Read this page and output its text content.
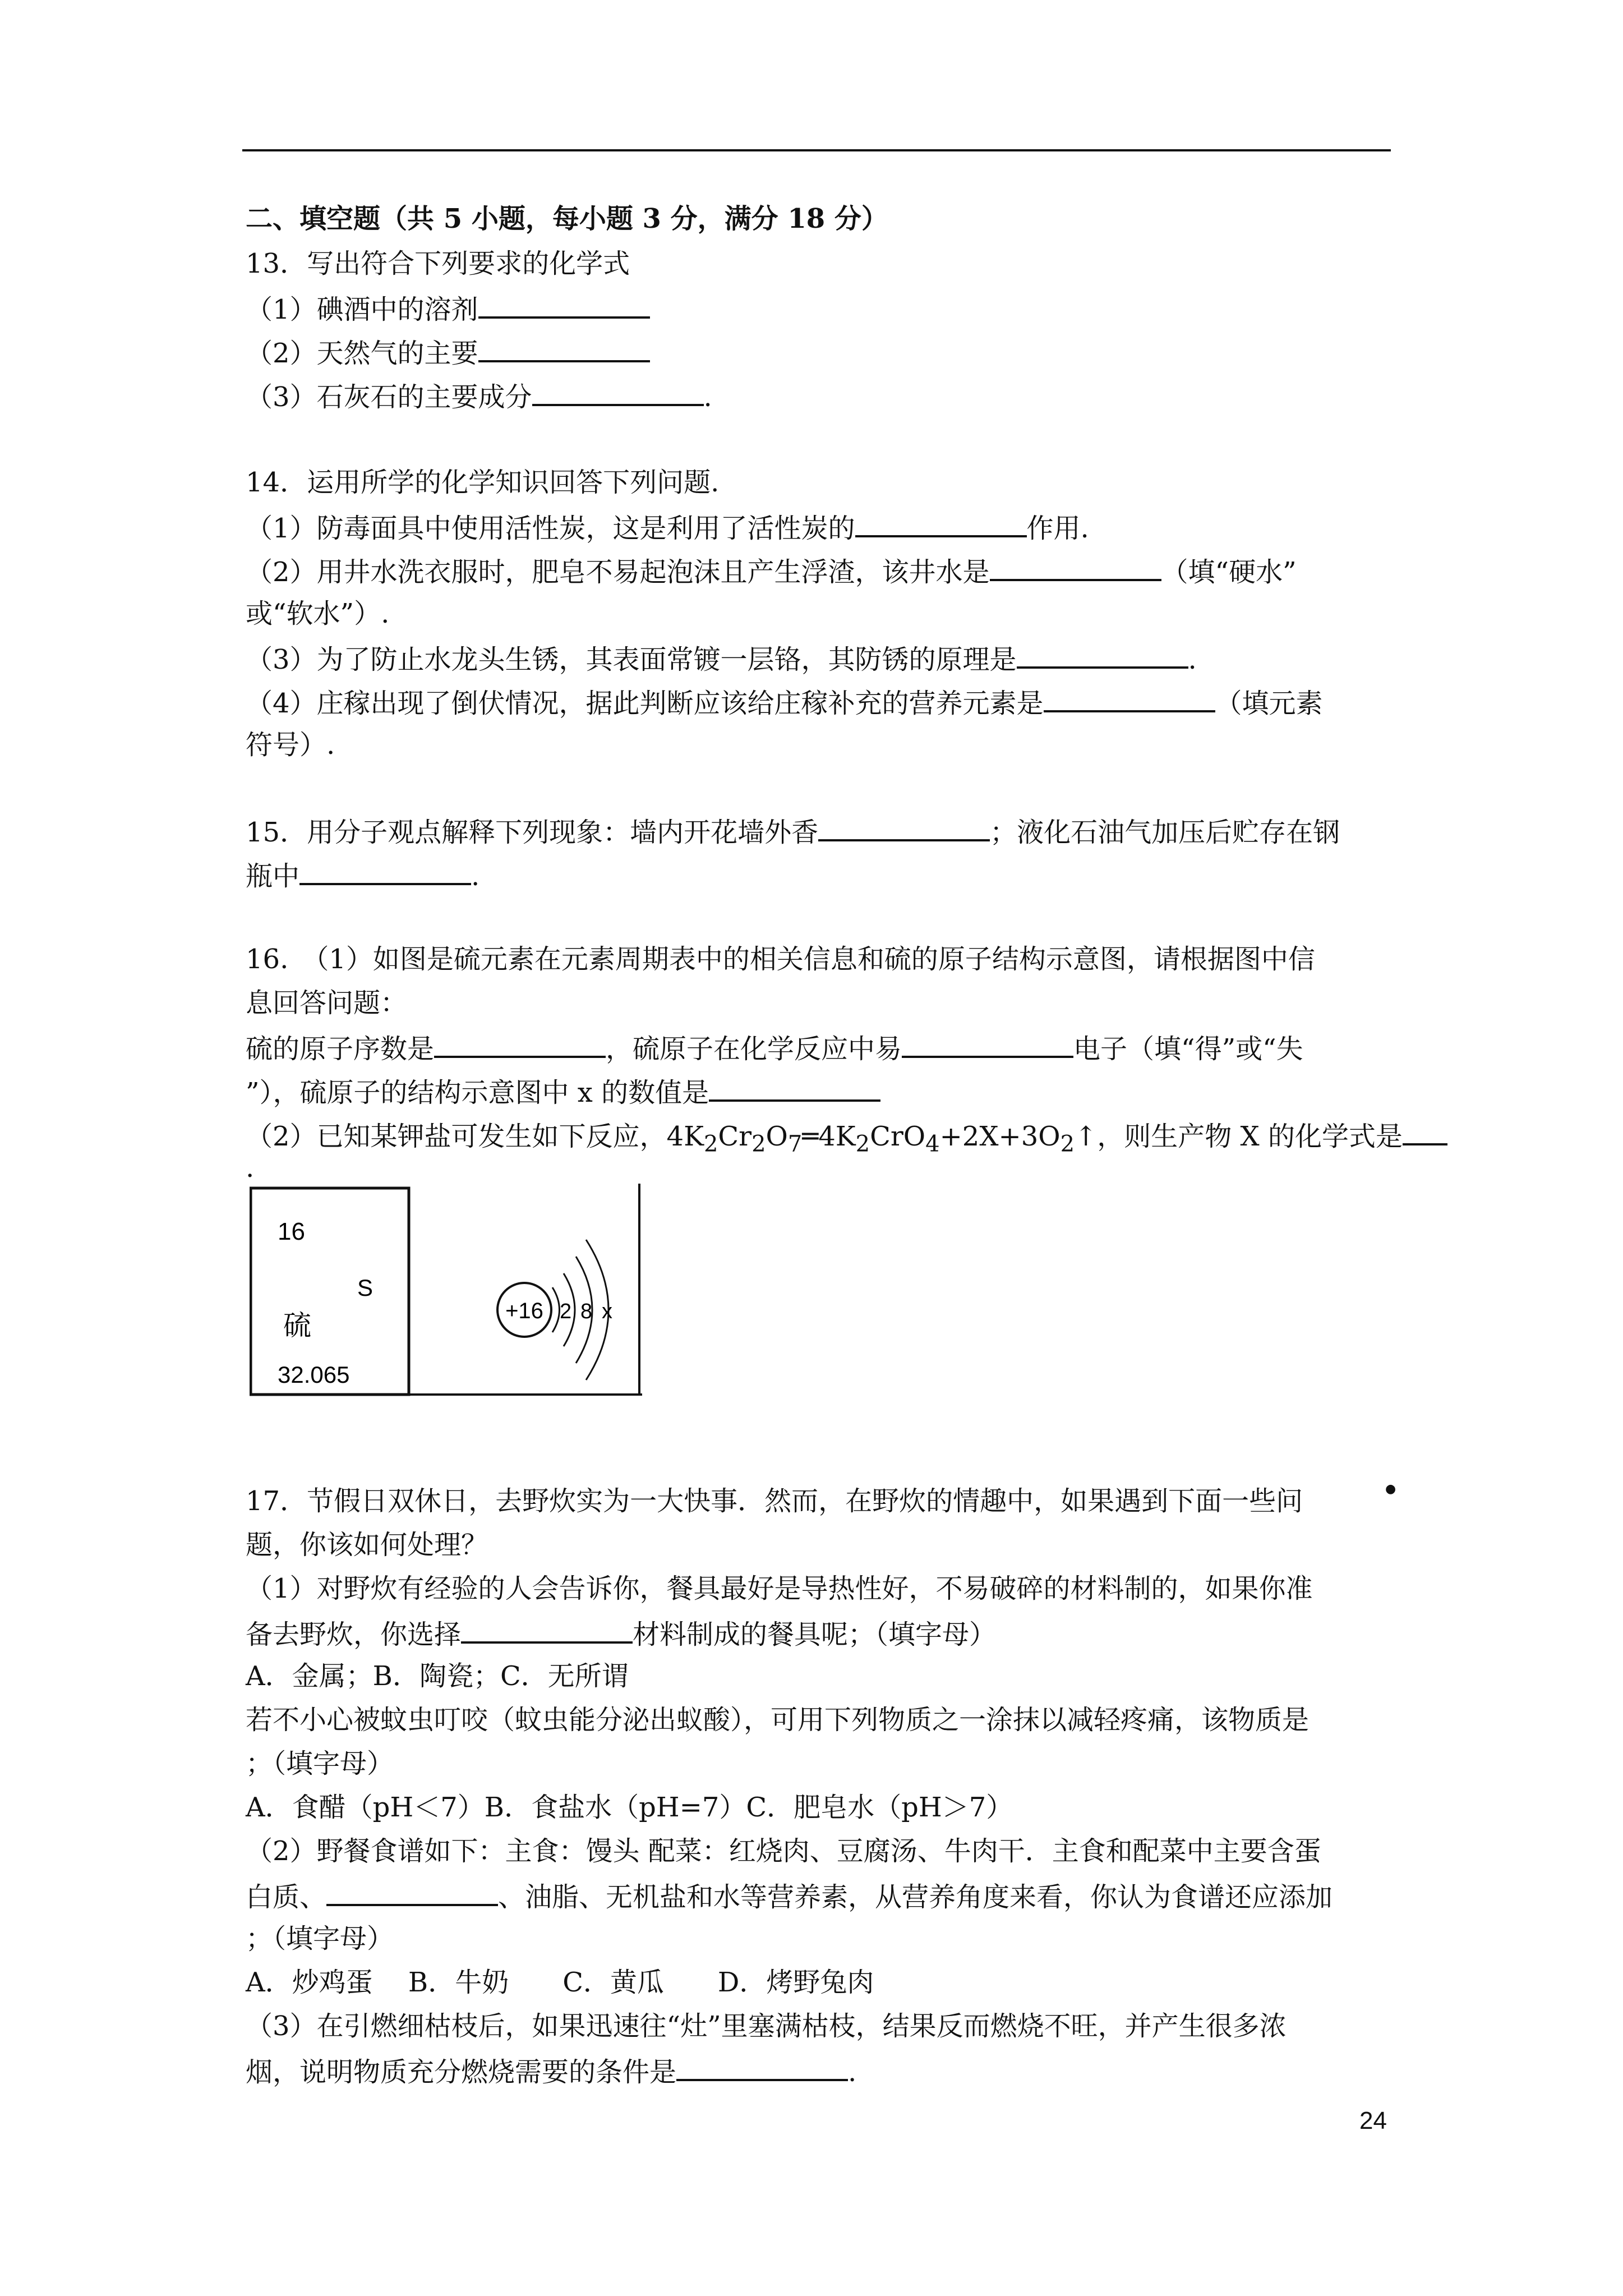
二、填空题（共 5 小题，每小题 3 分，满分 18 分）
13．写出符合下列要求的化学式
（1）碘酒中的溶剂
（2）天然气的主要
（3）石灰石的主要成分	.
14．运用所学的化学知识回答下列问题.
（1）防毒面具中使用活性炭，这是利用了活性炭的	作用.
（2）用井水洗衣服时，肥皂不易起泡沫且产生浮渣，该井水是	（填“硬水”
或“软水”）.
（3）为了防止水龙头生锈，其表面常镀一层铬，其防锈的原理是	.
（4）庄稼出现了倒伏情况，据此判断应该给庄稼补充的营养元素是	（填元素
符号）.
15．用分子观点解释下列现象：墙内开花墙外香	；液化石油气加压后贮存在钢
瓶中	.
16.　（1）如图是硫元素在元素周期表中的相关信息和硫的原子结构示意图，请根据图中信
息回答问题：
硫的原子序数是	，硫原子在化学反应中易	电子（填“得”或“失
”），硫原子的结构示意图中 x 的数值是
（2）已知某钾盐可发生如下反应，$4K_2Cr_2O_7═4K_2CrO_4+2X+3O_2↑$，则生产物 X 的化学式是
.
16
S
硫
32.065
+16 2 8 x
●
17．节假日双休日，去野炊实为一大快事．然而，在野炊的情趣中，如果遇到下面一些问
题，你该如何处理？
（1）对野炊有经验的人会告诉你，餐具最好是导热性好，不易破碎的材料制的，如果你准
备去野炊，你选择	材料制成的餐具呢；（填字母）
A．金属；B．陶瓷；C．无所谓
若不小心被蚊虫叮咬（蚊虫能分泌出蚁酸），可用下列物质之一涂抹以减轻疼痛，该物质是
；（填字母）
A．食醋（pH＜7）B．食盐水（pH=7）C．肥皂水（pH＞7）
（2）野餐食谱如下：主食：馒头 配菜：红烧肉、豆腐汤、牛肉干．主食和配菜中主要含蛋
白质、	、油脂、无机盐和水等营养素，从营养角度来看，你认为食谱还应添加
；（填字母）
A．炒鸡蛋　 B．牛奶　　C．黄瓜　　D．烤野兔肉
（3）在引燃细枯枝后，如果迅速往“灶”里塞满枯枝，结果反而燃烧不旺，并产生很多浓
烟，说明物质充分燃烧需要的条件是	.
24
